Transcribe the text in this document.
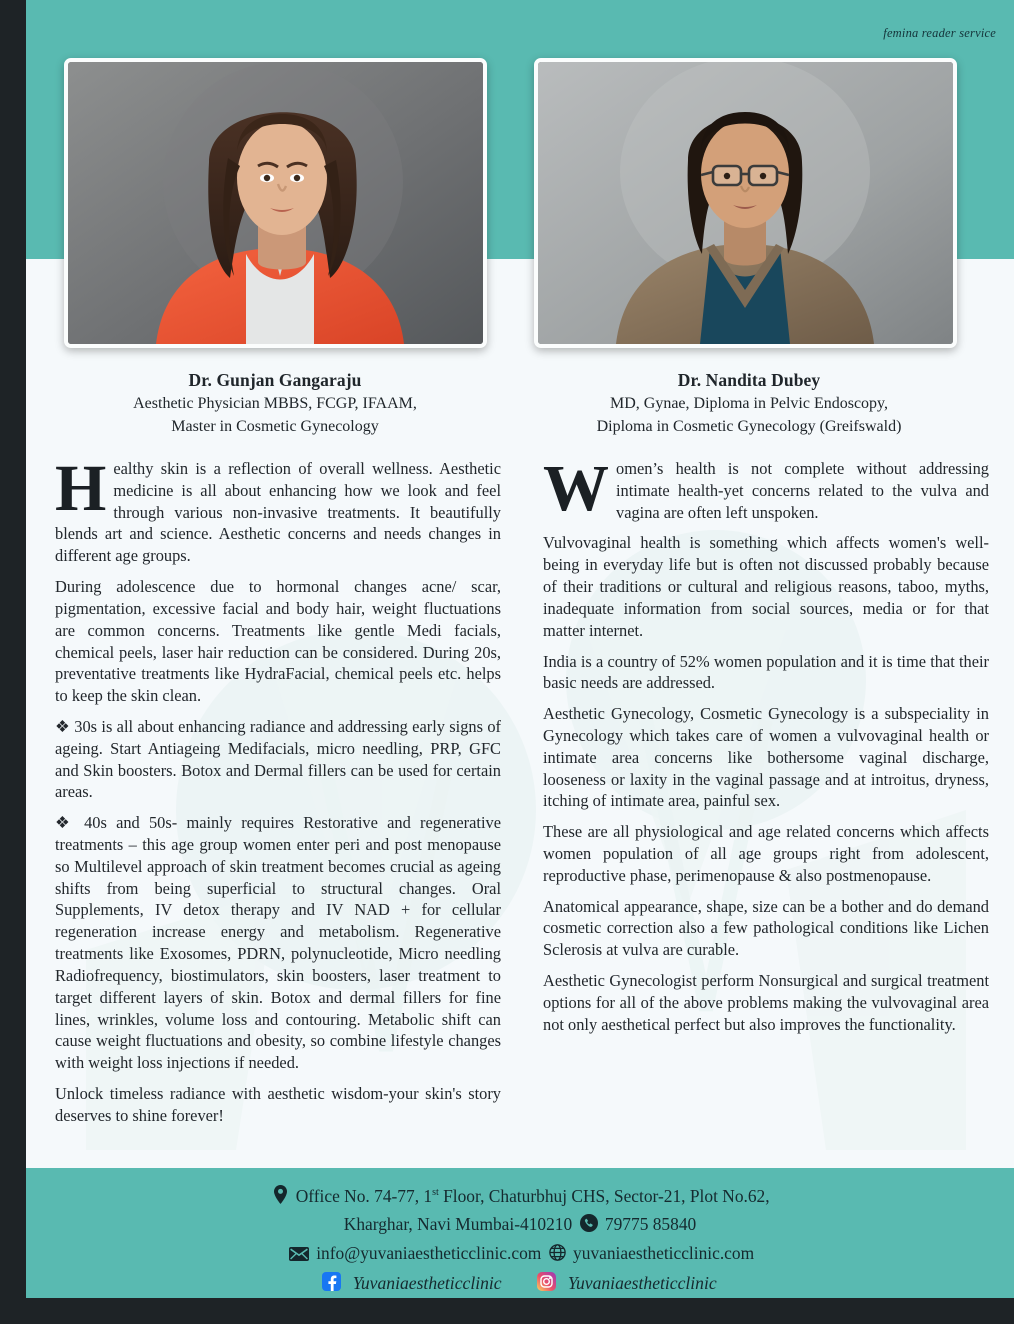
femina reader service
Dr. Gunjan Gangaraju
Aesthetic Physician MBBS, FCGP, IFAAM,
Master in Cosmetic Gynecology
Dr. Nandita Dubey
MD, Gynae, Diploma in Pelvic Endoscopy,
Diploma in Cosmetic Gynecology (Greifswald)

Healthy skin is a reflection of overall wellness. Aesthetic medicine is all about enhancing how we look and feel through various non-invasive treatments. It beautifully blends art and science. Aesthetic concerns and needs changes in different age groups.

During adolescence due to hormonal changes acne/ scar, pigmentation, excessive facial and body hair, weight fluctuations are common concerns. Treatments like gentle Medi facials, chemical peels, laser hair reduction can be considered. During 20s, preventative treatments like HydraFacial, chemical peels etc. helps to keep the skin clean.

❖ 30s is all about enhancing radiance and addressing early signs of ageing. Start Antiageing Medifacials, micro needling, PRP, GFC and Skin boosters. Botox and Dermal fillers can be used for certain areas.

❖ 40s and 50s- mainly requires Restorative and regenerative treatments – this age group women enter peri and post menopause so Multilevel approach of skin treatment becomes crucial as ageing shifts from being superficial to structural changes. Oral Supplements, IV detox therapy and IV NAD + for cellular regeneration increase energy and metabolism. Regenerative treatments like Exosomes, PDRN, polynucleotide, Micro needling Radiofrequency, biostimulators, skin boosters, laser treatment to target different layers of skin. Botox and dermal fillers for fine lines, wrinkles, volume loss and contouring. Metabolic shift can cause weight fluctuations and obesity, so combine lifestyle changes with weight loss injections if needed.

Unlock timeless radiance with aesthetic wisdom-your skin's story deserves to shine forever!

Women’s health is not complete without addressing intimate health-yet concerns related to the vulva and vagina are often left unspoken.

Vulvovaginal health is something which affects women's well-being in everyday life but is often not discussed probably because of their traditions or cultural and religious reasons, taboo, myths, inadequate information from social sources, media or for that matter internet.

India is a country of 52% women population and it is time that their basic needs are addressed.

Aesthetic Gynecology, Cosmetic Gynecology is a subspeciality in Gynecology which takes care of women a vulvovaginal health or intimate area concerns like bothersome vaginal discharge, looseness or laxity in the vaginal passage and at introitus, dryness, itching of intimate area, painful sex.

These are all physiological and age related concerns which affects women population of all age groups right from adolescent, reproductive phase, perimenopause & also postmenopause.

Anatomical appearance, shape, size can be a bother and do demand cosmetic correction also a few pathological conditions like Lichen Sclerosis at vulva are curable.

Aesthetic Gynecologist perform Nonsurgical and surgical treatment options for all of the above problems making the vulvovaginal area not only aesthetical perfect but also improves the functionality.

Office No. 74-77, 1st Floor, Chaturbhuj CHS, Sector-21, Plot No.62,
Kharghar, Navi Mumbai-410210 79775 85840
info@yuvaniaestheticclinic.com yuvaniaestheticclinic.com
Yuvaniaestheticclinic	Yuvaniaestheticclinic
